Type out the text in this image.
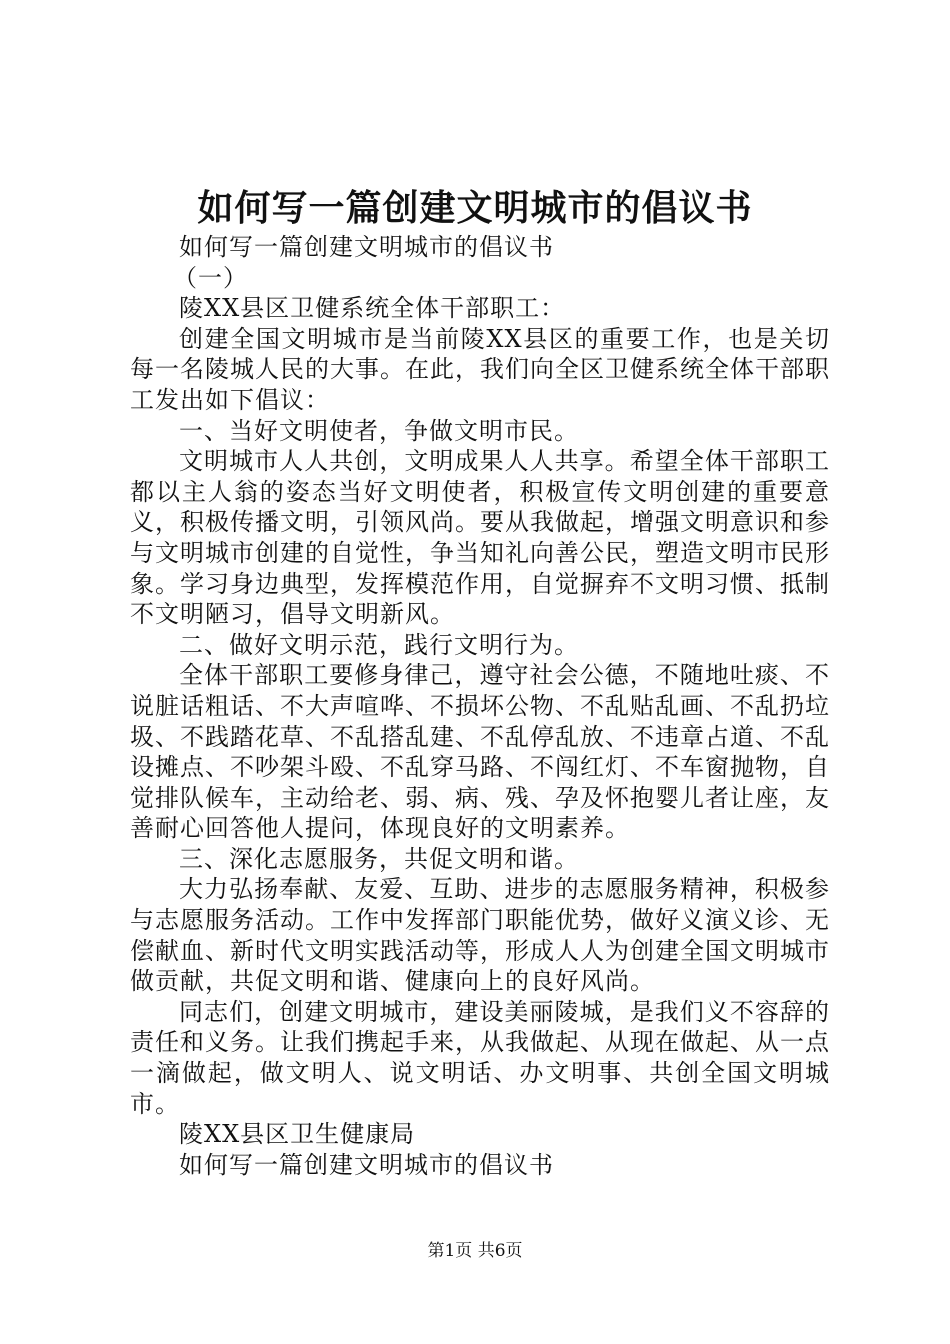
如何写一篇创建文明城市的倡议书

如何写一篇创建文明城市的倡议书

（一）

陵XX县区卫健系统全体干部职工：

创建全国文明城市是当前陵XX县区的重要工作，也是关切每一名陵城人民的大事。在此，我们向全区卫健系统全体干部职工发出如下倡议：

一、当好文明使者，争做文明市民。

文明城市人人共创，文明成果人人共享。希望全体干部职工都以主人翁的姿态当好文明使者，积极宣传文明创建的重要意义，积极传播文明，引领风尚。要从我做起，增强文明意识和参与文明城市创建的自觉性，争当知礼向善公民，塑造文明市民形象。学习身边典型，发挥模范作用，自觉摒弃不文明习惯、抵制不文明陋习，倡导文明新风。

二、做好文明示范，践行文明行为。

全体干部职工要修身律己，遵守社会公德，不随地吐痰、不说脏话粗话、不大声喧哗、不损坏公物、不乱贴乱画、不乱扔垃圾、不践踏花草、不乱搭乱建、不乱停乱放、不违章占道、不乱设摊点、不吵架斗殴、不乱穿马路、不闯红灯、不车窗抛物，自觉排队候车，主动给老、弱、病、残、孕及怀抱婴儿者让座，友善耐心回答他人提问，体现良好的文明素养。

三、深化志愿服务，共促文明和谐。

大力弘扬奉献、友爱、互助、进步的志愿服务精神，积极参与志愿服务活动。工作中发挥部门职能优势，做好义演义诊、无偿献血、新时代文明实践活动等，形成人人为创建全国文明城市做贡献，共促文明和谐、健康向上的良好风尚。

同志们，创建文明城市，建设美丽陵城，是我们义不容辞的责任和义务。让我们携起手来，从我做起、从现在做起、从一点一滴做起，做文明人、说文明话、办文明事、共创全国文明城市。

陵XX县区卫生健康局

如何写一篇创建文明城市的倡议书

第1页 共6页
